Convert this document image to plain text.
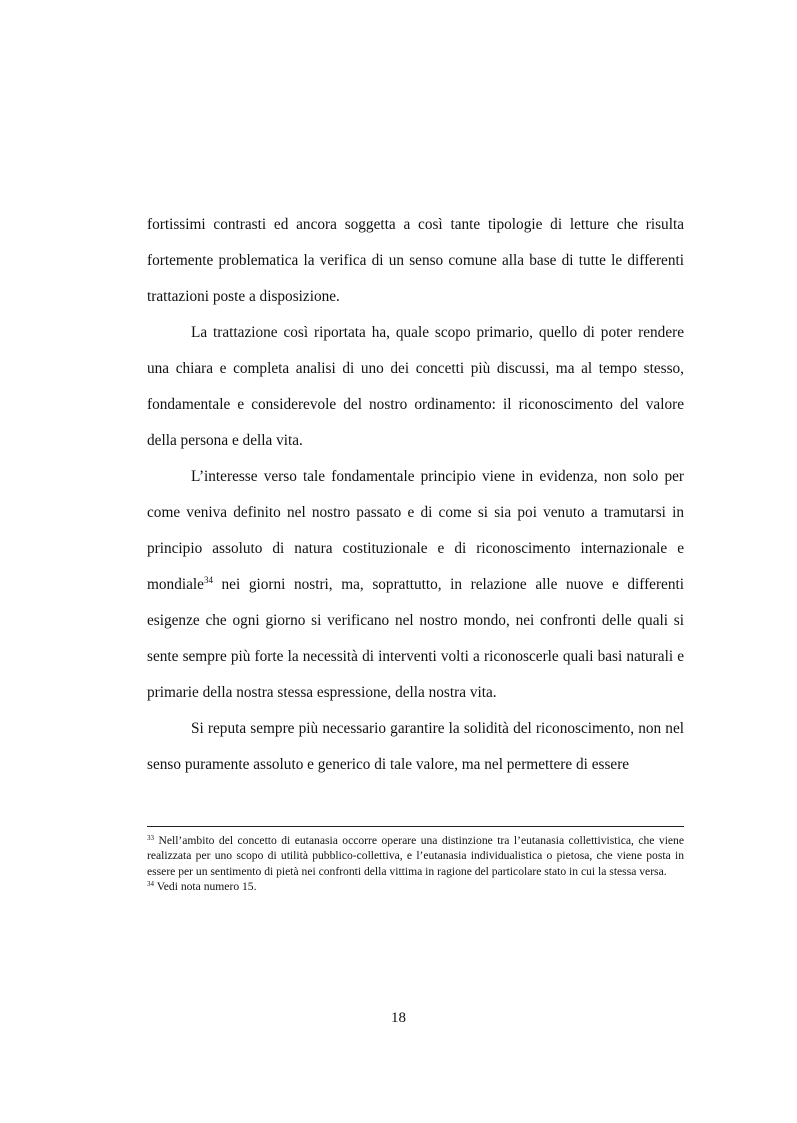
fortissimi contrasti ed ancora soggetta a così tante tipologie di letture che risulta fortemente problematica la verifica di un senso comune alla base di tutte le differenti trattazioni poste a disposizione.

La trattazione così riportata ha, quale scopo primario, quello di poter rendere una chiara e completa analisi di uno dei concetti più discussi, ma al tempo stesso, fondamentale e considerevole del nostro ordinamento: il riconoscimento del valore della persona e della vita.

L’interesse verso tale fondamentale principio viene in evidenza, non solo per come veniva definito nel nostro passato e di come si sia poi venuto a tramutarsi in principio assoluto di natura costituzionale e di riconoscimento internazionale e mondiale$^{34}$ nei giorni nostri, ma, soprattutto, in relazione alle nuove e differenti esigenze che ogni giorno si verificano nel nostro mondo, nei confronti delle quali si sente sempre più forte la necessità di interventi volti a riconoscerle quali basi naturali e primarie della nostra stessa espressione, della nostra vita.

Si reputa sempre più necessario garantire la solidità del riconoscimento, non nel senso puramente assoluto e generico di tale valore, ma nel permettere di essere

$^{33}$ Nell’ambito del concetto di eutanasia occorre operare una distinzione tra l’eutanasia collettivistica, che viene realizzata per uno scopo di utilità pubblico-collettiva, e l’eutanasia individualistica o pietosa, che viene posta in essere per un sentimento di pietà nei confronti della vittima in ragione del particolare stato in cui la stessa versa.

$^{34}$ Vedi nota numero 15.

18
